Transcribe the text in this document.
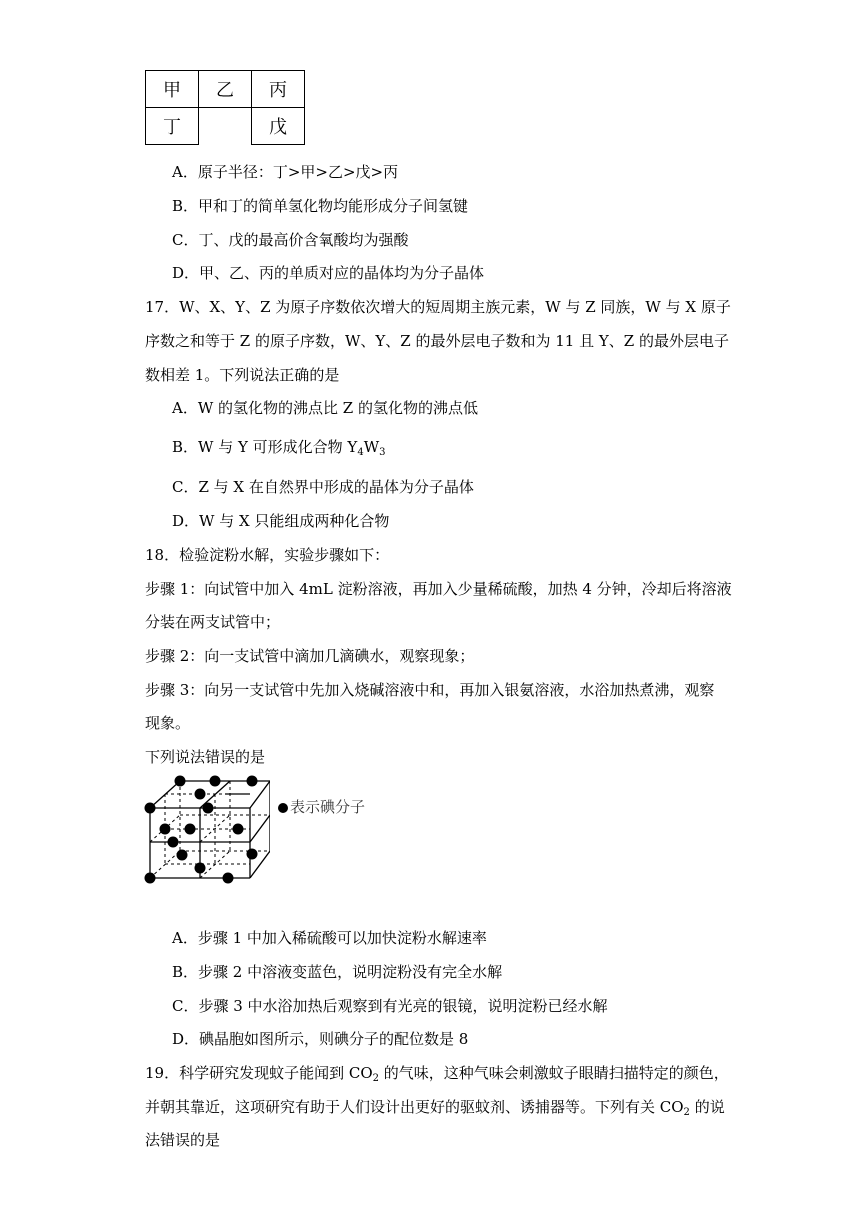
甲	乙	丙
丁		戊
A．原子半径：丁>甲>乙>戊>丙
B．甲和丁的简单氢化物均能形成分子间氢键
C．丁、戊的最高价含氧酸均为强酸
D．甲、乙、丙的单质对应的晶体均为分子晶体
17．W、X、Y、Z 为原子序数依次增大的短周期主族元素，W 与 Z 同族，W 与 X 原子
序数之和等于 Z 的原子序数，W、Y、Z 的最外层电子数和为 11 且 Y、Z 的最外层电子
数相差 1。下列说法正确的是
A．W 的氢化物的沸点比 Z 的氢化物的沸点低
B．W 与 Y 可形成化合物 $Y_4W_3$
C．Z 与 X 在自然界中形成的晶体为分子晶体
D．W 与 X 只能组成两种化合物
18．检验淀粉水解，实验步骤如下：
步骤 1：向试管中加入 4mL 淀粉溶液，再加入少量稀硫酸，加热 4 分钟，冷却后将溶液
分装在两支试管中；
步骤 2：向一支试管中滴加几滴碘水，观察现象；
步骤 3：向另一支试管中先加入烧碱溶液中和，再加入银氨溶液，水浴加热煮沸，观察
现象。
下列说法错误的是
表示碘分子
A．步骤 1 中加入稀硫酸可以加快淀粉水解速率
B．步骤 2 中溶液变蓝色，说明淀粉没有完全水解
C．步骤 3 中水浴加热后观察到有光亮的银镜，说明淀粉已经水解
D．碘晶胞如图所示，则碘分子的配位数是 8
19．科学研究发现蚊子能闻到 $CO_2$ 的气味，这种气味会刺激蚊子眼睛扫描特定的颜色，
并朝其靠近，这项研究有助于人们设计出更好的驱蚊剂、诱捕器等。下列有关 $CO_2$ 的说
法错误的是
